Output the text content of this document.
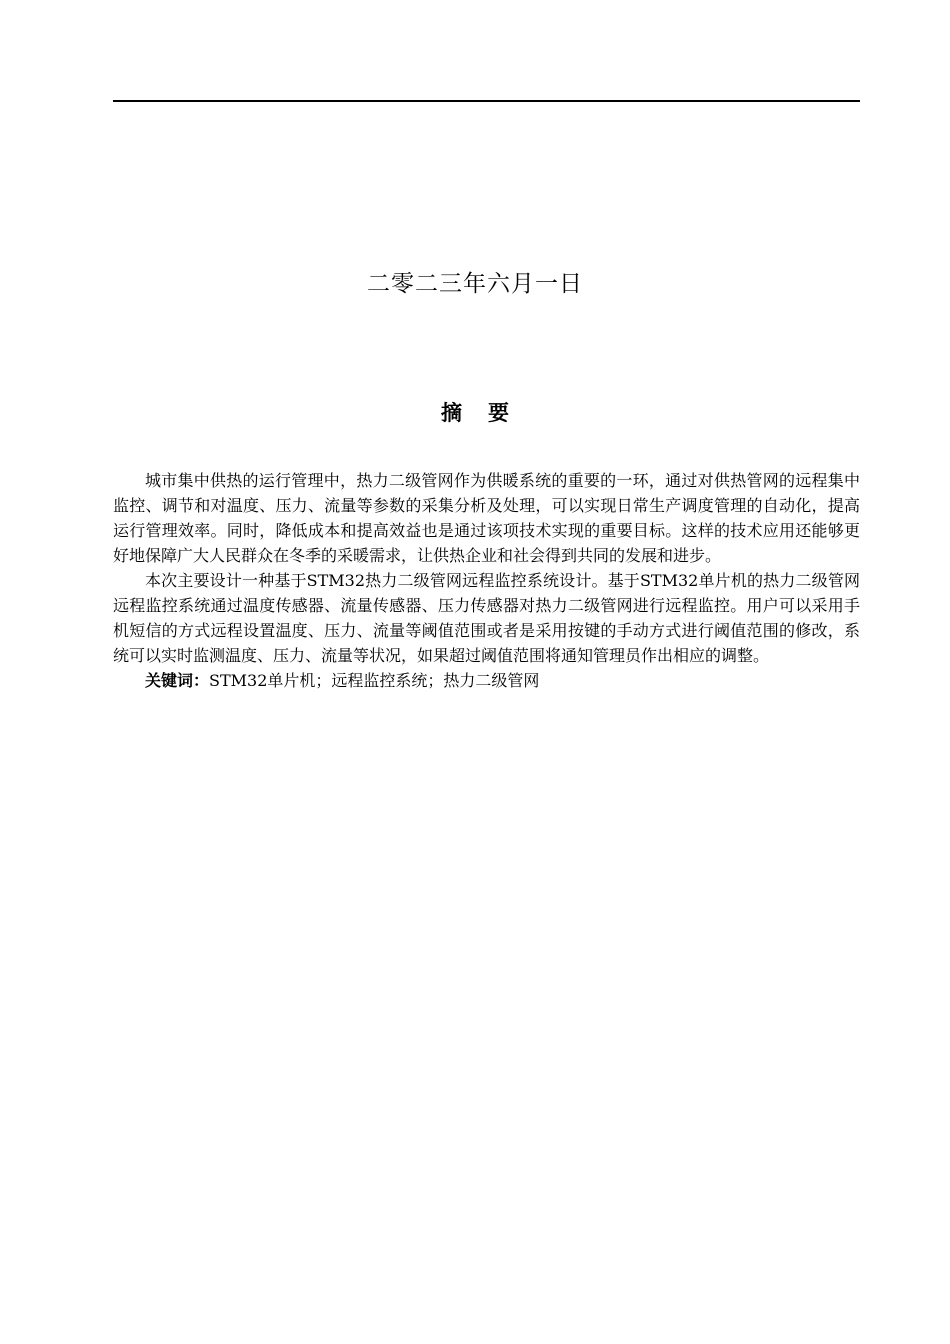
二零二三年六月一日
摘 要

城市集中供热的运行管理中，热力二级管网作为供暖系统的重要的一环，通过对供热管网的远程集中监控、调节和对温度、压力、流量等参数的采集分析及处理，可以实现日常生产调度管理的自动化，提高运行管理效率。同时，降低成本和提高效益也是通过该项技术实现的重要目标。这样的技术应用还能够更好地保障广大人民群众在冬季的采暖需求，让供热企业和社会得到共同的发展和进步。

本次主要设计一种基于STM32热力二级管网远程监控系统设计。基于STM32单片机的热力二级管网远程监控系统通过温度传感器、流量传感器、压力传感器对热力二级管网进行远程监控。用户可以采用手机短信的方式远程设置温度、压力、流量等阈值范围或者是采用按键的手动方式进行阈值范围的修改，系统可以实时监测温度、压力、流量等状况，如果超过阈值范围将通知管理员作出相应的调整。

关键词：STM32单片机；远程监控系统；热力二级管网
